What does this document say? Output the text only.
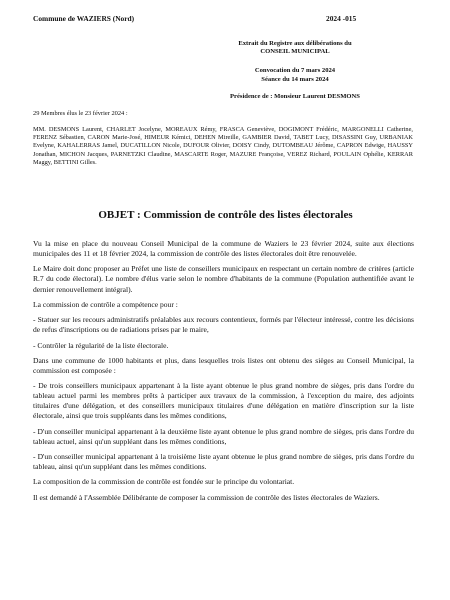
Commune de WAZIERS (Nord)	2024 -015
Extrait du Registre aux délibérations du
CONSEIL MUNICIPAL
Convocation du 7 mars 2024
Séance du 14 mars 2024
Présidence de : Monsieur Laurent DESMONS
29 Membres élus le 23 février 2024 :
MM. DESMONS Laurent, CHARLET Jocelyne, MOREAUX Rémy, FRASCA Geneviève, DOGIMONT Frédéric, MARGONELLI Catherine, FERENZ Sébastien, CARON Marie-José, HIMEUR Kémici, DEHEN Mireille, GAMBIER David, TABET Lucy, DISASSINI Guy, URBANIAK Evelyne, KAHALERRAS Jamel, DUCATILLON Nicole, DUFOUR Olivier, DOISY Cindy, DUTOMBEAU Jérôme, CAPRON Edwige, HAUSSY Jonathan, MICHON Jacques, PARNETZKI Claudine, MASCARTE Roger, MAZURE Françoise, VEREZ Richard, POULAIN Ophélie, KERRAR Maggy, BETTINI Gilles.
OBJET : Commission de contrôle des listes électorales

Vu la mise en place du nouveau Conseil Municipal de la commune de Waziers le 23 février 2024, suite aux élections municipales des 11 et 18 février 2024, la commission de contrôle des listes électorales doit être renouvelée.

Le Maire doit donc proposer au Préfet une liste de conseillers municipaux en respectant un certain nombre de critères (article R.7 du code électoral). Le nombre d'élus varie selon le nombre d'habitants de la commune (Population authentifiée avant le dernier renouvellement intégral).

La commission de contrôle a compétence pour :

- Statuer sur les recours administratifs préalables aux recours contentieux, formés par l'électeur intéressé, contre les décisions de refus d'inscriptions ou de radiations prises par le maire,

- Contrôler la régularité de la liste électorale.

Dans une commune de 1000 habitants et plus, dans lesquelles trois listes ont obtenu des sièges au Conseil Municipal, la commission est composée :

- De trois conseillers municipaux appartenant à la liste ayant obtenue le plus grand nombre de sièges, pris dans l'ordre du tableau actuel parmi les membres prêts à participer aux travaux de la commission, à l'exception du maire, des adjoints titulaires d'une délégation, et des conseillers municipaux titulaires d'une délégation en matière d'inscription sur la liste électorale, ainsi que trois suppléants dans les mêmes conditions,

- D'un conseiller municipal appartenant à la deuxième liste ayant obtenue le plus grand nombre de sièges, pris dans l'ordre du tableau actuel, ainsi qu'un suppléant dans les mêmes conditions,

- D'un conseiller municipal appartenant à la troisième liste ayant obtenue le plus grand nombre de sièges, pris dans l'ordre du tableau, ainsi qu'un suppléant dans les mêmes conditions.

La composition de la commission de contrôle est fondée sur le principe du volontariat.

Il est demandé à l'Assemblée Délibérante de composer la commission de contrôle des listes électorales de Waziers.
